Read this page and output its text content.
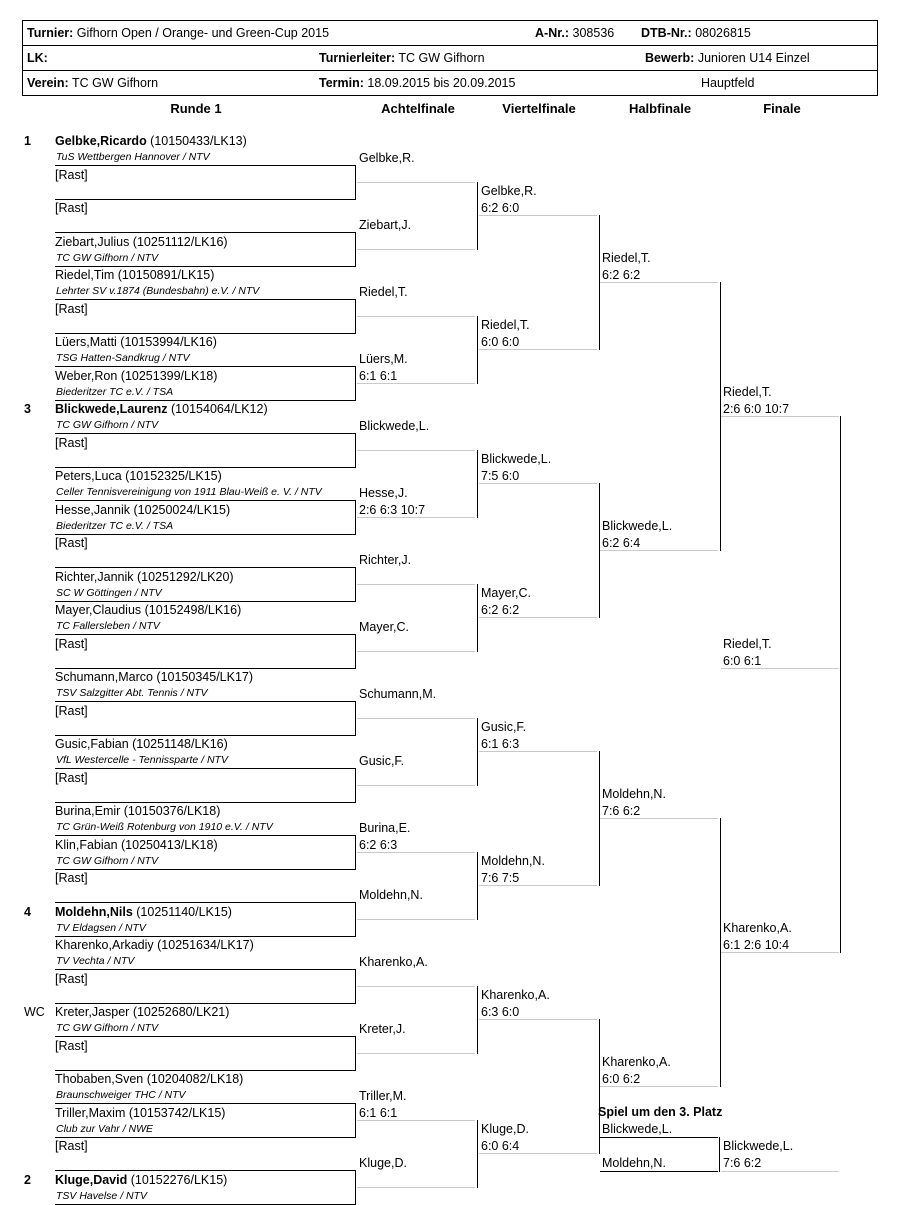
Turnier: Gifhorn Open / Orange- und Green-Cup 2015	A-Nr.: 308536 DTB-Nr.: 08026815
LK:	Turnierleiter: TC GW Gifhorn	Bewerb: Junioren U14 Einzel
Verein: TC GW Gifhorn	Termin: 18.09.2015 bis 20.09.2015	Hauptfeld
Runde 1	Achtelfinale	Viertelfinale	Halbfinale	Finale
1 Gelbke,Ricardo (10150433/LK13)
TuS Wettbergen Hannover / NTV
[Rast]
[Rast]
Ziebart,Julius (10251112/LK16)
TC GW Gifhorn / NTV
Riedel,Tim (10150891/LK15)
Lehrter SV v.1874 (Bundesbahn) e.V. / NTV
[Rast]
Lüers,Matti (10153994/LK16)
TSG Hatten-Sandkrug / NTV
Weber,Ron (10251399/LK18)
Biederitzer TC e.V. / TSA
3 Blickwede,Laurenz (10154064/LK12)
TC GW Gifhorn / NTV
[Rast]
Peters,Luca (10152325/LK15)
Celler Tennisvereinigung von 1911 Blau-Weiß e. V. / NTV
Hesse,Jannik (10250024/LK15)
Biederitzer TC e.V. / TSA
[Rast]
Richter,Jannik (10251292/LK20)
SC W Göttingen / NTV
Mayer,Claudius (10152498/LK16)
TC Fallersleben / NTV
[Rast]
Schumann,Marco (10150345/LK17)
TSV Salzgitter Abt. Tennis / NTV
[Rast]
Gusic,Fabian (10251148/LK16)
VfL Westercelle - Tennissparte / NTV
[Rast]
Burina,Emir (10150376/LK18)
TC Grün-Weiß Rotenburg von 1910 e.V. / NTV
Klin,Fabian (10250413/LK18)
TC GW Gifhorn / NTV
[Rast]
4 Moldehn,Nils (10251140/LK15)
TV Eldagsen / NTV
Kharenko,Arkadiy (10251634/LK17)
TV Vechta / NTV
[Rast]
WC Kreter,Jasper (10252680/LK21)
TC GW Gifhorn / NTV
[Rast]
Thobaben,Sven (10204082/LK18)
Braunschweiger THC / NTV
Triller,Maxim (10153742/LK15)
Club zur Vahr / NWE
[Rast]
2 Kluge,David (10152276/LK15)
TSV Havelse / NTV
Gelbke,R.
Ziebart,J.
Riedel,T.
Lüers,M.
6:1 6:1
Blickwede,L.
Hesse,J.
2:6 6:3 10:7
Richter,J.
Mayer,C.
Schumann,M.
Gusic,F.
Burina,E.
6:2 6:3
Moldehn,N.
Kharenko,A.
Kreter,J.
Triller,M.
6:1 6:1
Kluge,D.
Gelbke,R.
6:2 6:0
Riedel,T.
6:0 6:0
Blickwede,L.
7:5 6:0
Mayer,C.
6:2 6:2
Gusic,F.
6:1 6:3
Moldehn,N.
7:6 7:5
Kharenko,A.
6:3 6:0
Kluge,D.
6:0 6:4
Riedel,T.
6:2 6:2
Blickwede,L.
6:2 6:4
Moldehn,N.
7:6 6:2
Kharenko,A.
6:0 6:2
Riedel,T.
2:6 6:0 10:7
Kharenko,A.
6:1 2:6 10:4
Riedel,T.
6:0 6:1
Spiel um den 3. Platz
Blickwede,L.
Moldehn,N.
Blickwede,L.
7:6 6:2
